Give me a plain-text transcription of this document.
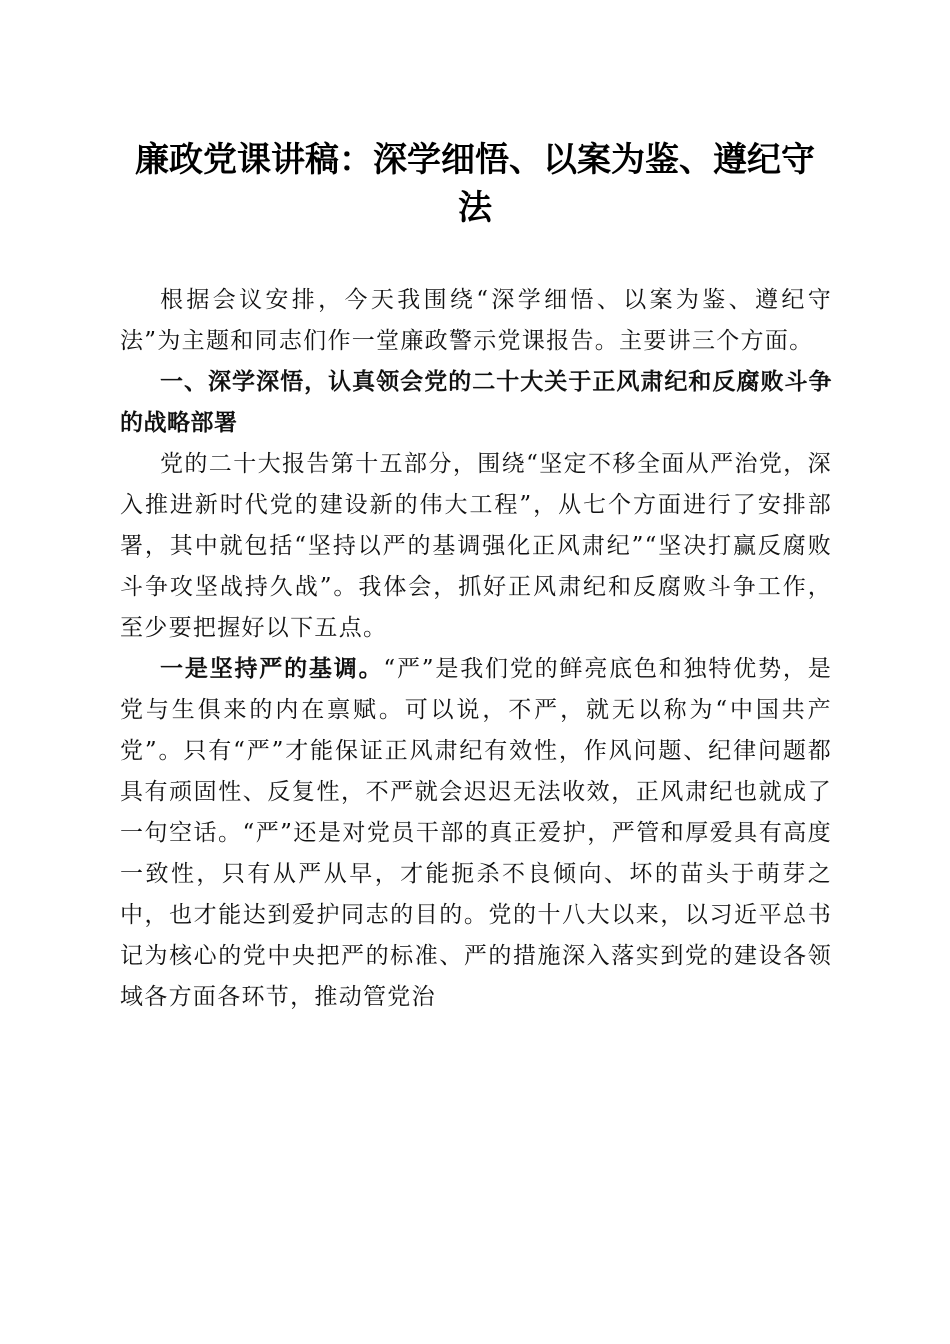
廉政党课讲稿：深学细悟、以案为鉴、遵纪守
法

根据会议安排，今天我围绕“深学细悟、以案为鉴、遵纪守法”为主题和同志们作一堂廉政警示党课报告。主要讲三个方面。

一、深学深悟，认真领会党的二十大关于正风肃纪和反腐败斗争的战略部署

党的二十大报告第十五部分，围绕“坚定不移全面从严治党，深入推进新时代党的建设新的伟大工程”，从七个方面进行了安排部署，其中就包括“坚持以严的基调强化正风肃纪”“坚决打赢反腐败斗争攻坚战持久战”。我体会，抓好正风肃纪和反腐败斗争工作，至少要把握好以下五点。

一是坚持严的基调。“严”是我们党的鲜亮底色和独特优势，是党与生俱来的内在禀赋。可以说，不严，就无以称为“中国共产党”。只有“严”才能保证正风肃纪有效性，作风问题、纪律问题都具有顽固性、反复性，不严就会迟迟无法收效，正风肃纪也就成了一句空话。“严”还是对党员干部的真正爱护，严管和厚爱具有高度一致性，只有从严从早，才能扼杀不良倾向、坏的苗头于萌芽之中，也才能达到爱护同志的目的。党的十八大以来，以习近平总书记为核心的党中央把严的标准、严的措施深入落实到党的建设各领域各方面各环节，推动管党治
